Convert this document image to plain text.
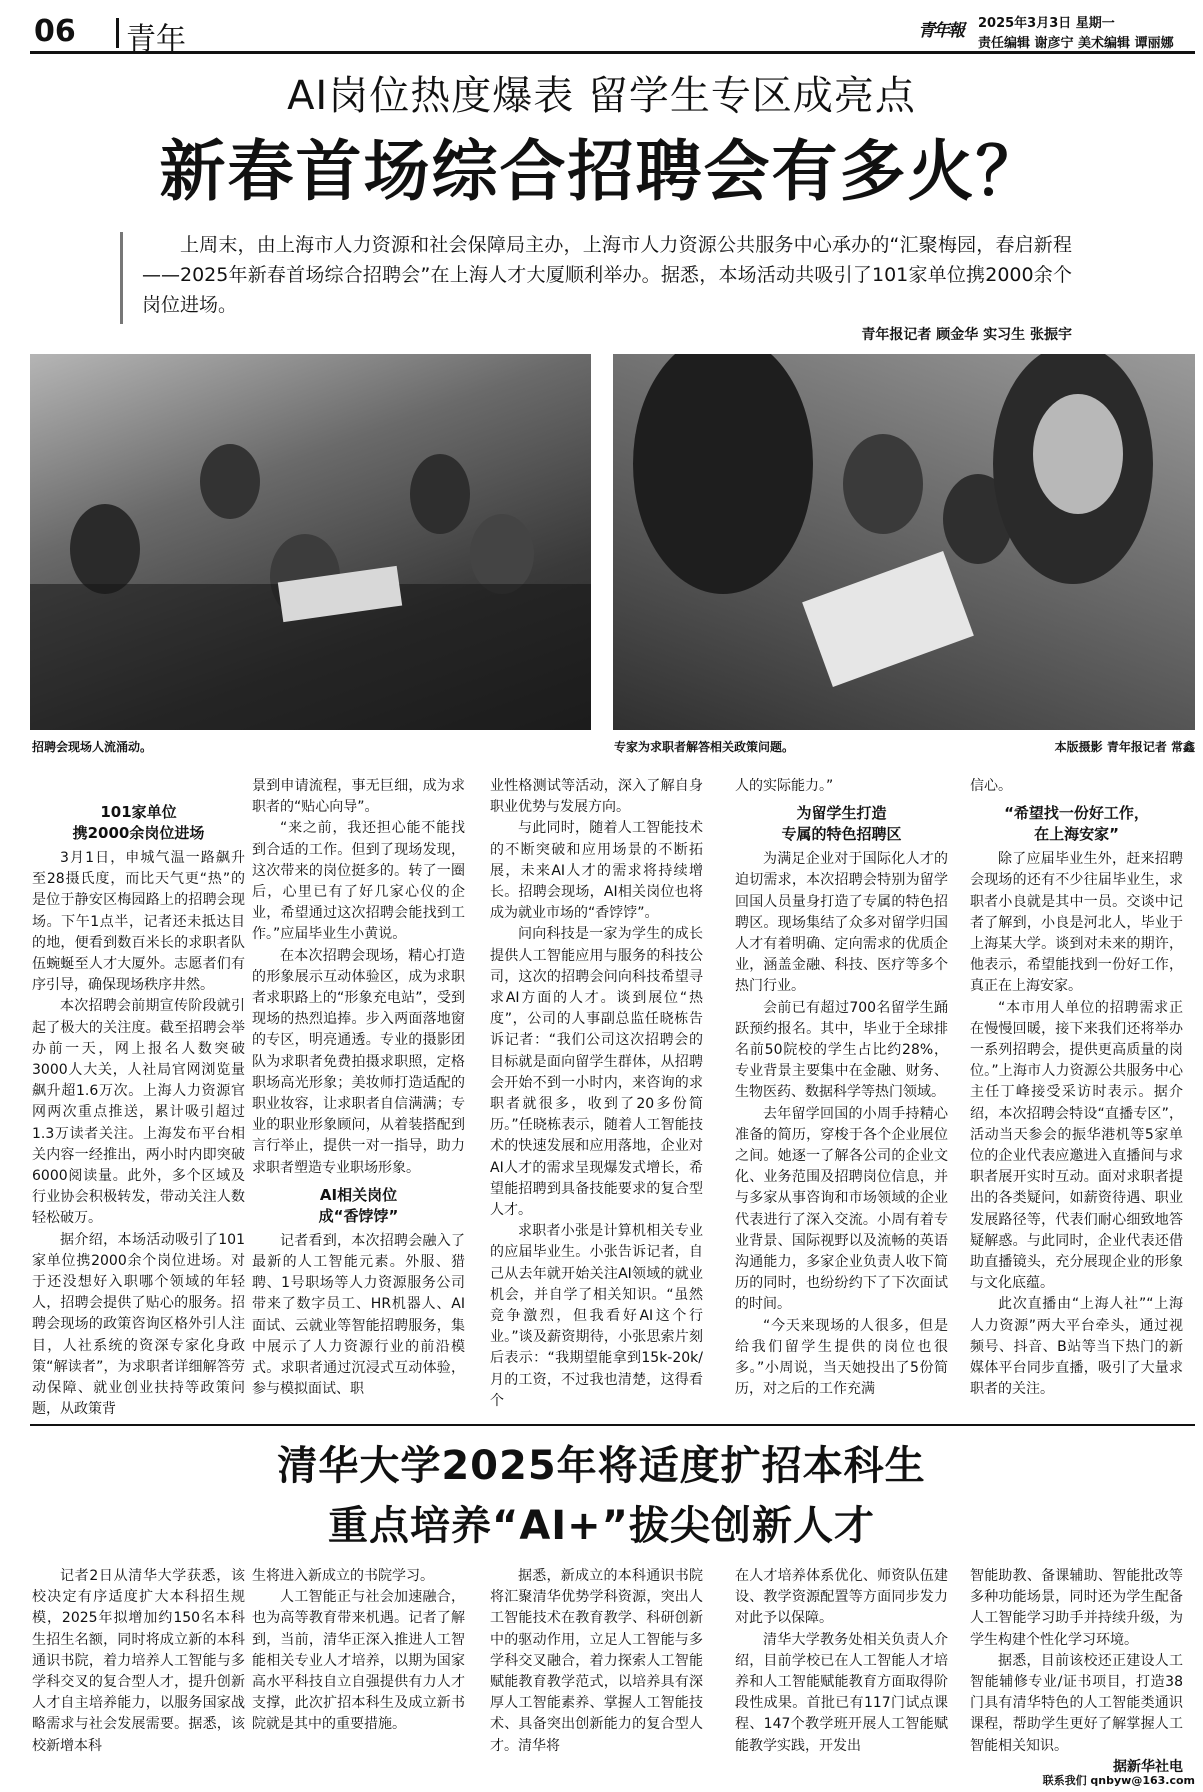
06 青年	青年報	2025年3月3日 星期一
责任编辑 谢彦宁 美术编辑 谭丽娜
AI岗位热度爆表 留学生专区成亮点
新春首场综合招聘会有多火？
上周末，由上海市人力资源和社会保障局主办，上海市人力资源公共服务中心承办的“汇聚梅园，春启新程——2025年新春首场综合招聘会”在上海人才大厦顺利举办。据悉，本场活动共吸引了101家单位携2000余个岗位进场。
青年报记者 顾金华 实习生 张振宇
招聘会现场人流涌动。	专家为求职者解答相关政策问题。	本版摄影 青年报记者 常鑫
101家单位
携2000余岗位进场

3月1日，申城气温一路飙升至28摄氏度，而比天气更“热”的是位于静安区梅园路上的招聘会现场。下午1点半，记者还未抵达目的地，便看到数百米长的求职者队伍蜿蜒至人才大厦外。志愿者们有序引导，确保现场秩序井然。

本次招聘会前期宣传阶段就引起了极大的关注度。截至招聘会举办前一天，网上报名人数突破3000人大关，人社局官网浏览量飙升超1.6万次。上海人力资源官网两次重点推送，累计吸引超过1.3万读者关注。上海发布平台相关内容一经推出，两小时内即突破6000阅读量。此外，多个区域及行业协会积极转发，带动关注人数轻松破万。

据介绍，本场活动吸引了101家单位携2000余个岗位进场。对于还没想好入职哪个领域的年轻人，招聘会提供了贴心的服务。招聘会现场的政策咨询区格外引人注目，人社系统的资深专家化身政策“解读者”，为求职者详细解答劳动保障、就业创业扶持等政策问题，从政策背

景到申请流程，事无巨细，成为求职者的“贴心向导”。

“来之前，我还担心能不能找到合适的工作。但到了现场发现，这次带来的岗位挺多的。转了一圈后，心里已有了好几家心仪的企业，希望通过这次招聘会能找到工作。”应届毕业生小黄说。

在本次招聘会现场，精心打造的形象展示互动体验区，成为求职者求职路上的“形象充电站”，受到现场的热烈追捧。步入两面落地窗的专区，明亮通透。专业的摄影团队为求职者免费拍摄求职照，定格职场高光形象；美妆师打造适配的职业妆容，让求职者自信满满；专业的职业形象顾问，从着装搭配到言行举止，提供一对一指导，助力求职者塑造专业职场形象。

AI相关岗位
成“香饽饽”

记者看到，本次招聘会融入了最新的人工智能元素。外服、猎聘、1号职场等人力资源服务公司带来了数字员工、HR机器人、AI面试、云就业等智能招聘服务，集中展示了人力资源行业的前沿模式。求职者通过沉浸式互动体验，参与模拟面试、职

业性格测试等活动，深入了解自身职业优势与发展方向。

与此同时，随着人工智能技术的不断突破和应用场景的不断拓展，未来AI人才的需求将持续增长。招聘会现场，AI相关岗位也将成为就业市场的“香饽饽”。

问向科技是一家为学生的成长提供人工智能应用与服务的科技公司，这次的招聘会问向科技希望寻求AI方面的人才。谈到展位“热度”，公司的人事副总监任晓栋告诉记者：“我们公司这次招聘会的目标就是面向留学生群体，从招聘会开始不到一小时内，来咨询的求职者就很多，收到了20多份简历。”任晓栋表示，随着人工智能技术的快速发展和应用落地，企业对AI人才的需求呈现爆发式增长，希望能招聘到具备技能要求的复合型人才。

求职者小张是计算机相关专业的应届毕业生。小张告诉记者，自己从去年就开始关注AI领域的就业机会，并自学了相关知识。“虽然竞争激烈，但我看好AI这个行业。”谈及薪资期待，小张思索片刻后表示：“我期望能拿到15k-20k/月的工资，不过我也清楚，这得看个

人的实际能力。”

为留学生打造
专属的特色招聘区

为满足企业对于国际化人才的迫切需求，本次招聘会特别为留学回国人员量身打造了专属的特色招聘区。现场集结了众多对留学归国人才有着明确、定向需求的优质企业，涵盖金融、科技、医疗等多个热门行业。

会前已有超过700名留学生踊跃预约报名。其中，毕业于全球排名前50院校的学生占比约28%，专业背景主要集中在金融、财务、生物医药、数据科学等热门领域。

去年留学回国的小周手持精心准备的简历，穿梭于各个企业展位之间。她逐一了解各公司的企业文化、业务范围及招聘岗位信息，并与多家从事咨询和市场领域的企业代表进行了深入交流。小周有着专业背景、国际视野以及流畅的英语沟通能力，多家企业负责人收下简历的同时，也纷纷约下了下次面试的时间。

“今天来现场的人很多，但是给我们留学生提供的岗位也很多。”小周说，当天她投出了5份简历，对之后的工作充满

信心。

“希望找一份好工作，
在上海安家”

除了应届毕业生外，赶来招聘会现场的还有不少往届毕业生，求职者小良就是其中一员。交谈中记者了解到，小良是河北人，毕业于上海某大学。谈到对未来的期许，他表示，希望能找到一份好工作，真正在上海安家。

“本市用人单位的招聘需求正在慢慢回暖，接下来我们还将举办一系列招聘会，提供更高质量的岗位。”上海市人力资源公共服务中心主任丁峰接受采访时表示。据介绍，本次招聘会特设“直播专区”，活动当天参会的振华港机等5家单位的企业代表应邀进入直播间与求职者展开实时互动。面对求职者提出的各类疑问，如薪资待遇、职业发展路径等，代表们耐心细致地答疑解惑。与此同时，企业代表还借助直播镜头，充分展现企业的形象与文化底蕴。

此次直播由“上海人社”“上海人力资源”两大平台牵头，通过视频号、抖音、B站等当下热门的新媒体平台同步直播，吸引了大量求职者的关注。

清华大学2025年将适度扩招本科生
重点培养“AI+”拔尖创新人才

记者2日从清华大学获悉，该校决定有序适度扩大本科招生规模，2025年拟增加约150名本科生招生名额，同时将成立新的本科通识书院，着力培养人工智能与多学科交叉的复合型人才，提升创新人才自主培养能力，以服务国家战略需求与社会发展需要。据悉，该校新增本科

生将进入新成立的书院学习。

人工智能正与社会加速融合，也为高等教育带来机遇。记者了解到，当前，清华正深入推进人工智能相关专业人才培养，以期为国家高水平科技自立自强提供有力人才支撑，此次扩招本科生及成立新书院就是其中的重要措施。

据悉，新成立的本科通识书院将汇聚清华优势学科资源，突出人工智能技术在教育教学、科研创新中的驱动作用，立足人工智能与多学科交叉融合，着力探索人工智能赋能教育教学范式，以培养具有深厚人工智能素养、掌握人工智能技术、具备突出创新能力的复合型人才。清华将

在人才培养体系优化、师资队伍建设、教学资源配置等方面同步发力对此予以保障。

清华大学教务处相关负责人介绍，目前学校已在人工智能人才培养和人工智能赋能教育方面取得阶段性成果。首批已有117门试点课程、147个教学班开展人工智能赋能教学实践，开发出

智能助教、备课辅助、智能批改等多种功能场景，同时还为学生配备人工智能学习助手并持续升级，为学生构建个性化学习环境。

据悉，目前该校还正建设人工智能辅修专业/证书项目，打造38门具有清华特色的人工智能类通识课程，帮助学生更好了解掌握人工智能相关知识。

据新华社电

联系我们 qnbyw@163.com
